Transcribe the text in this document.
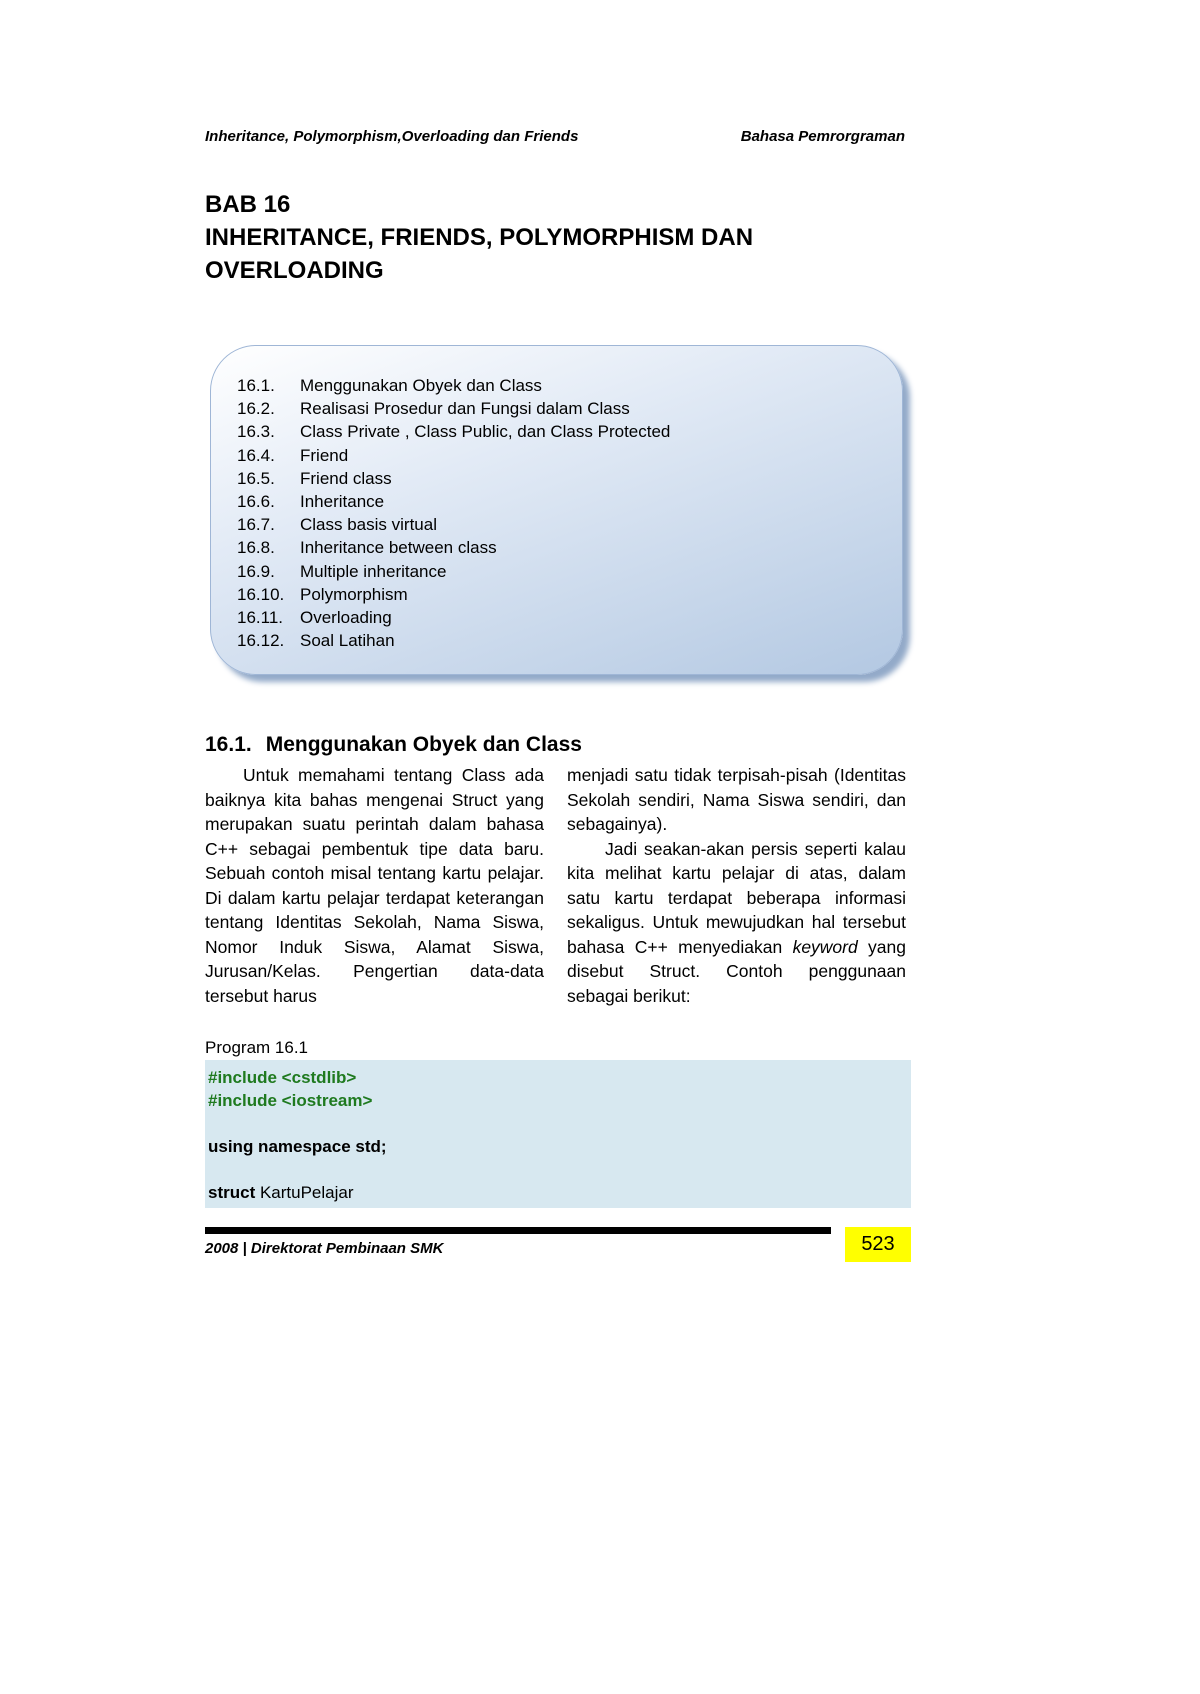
Inheritance, Polymorphism,Overloading dan Friends	Bahasa Pemrorgraman
BAB 16
INHERITANCE, FRIENDS, POLYMORPHISM DAN
OVERLOADING
16.1.	Menggunakan Obyek dan Class
16.2.	Realisasi Prosedur dan Fungsi dalam Class
16.3.	Class Private , Class Public, dan Class Protected
16.4.	Friend
16.5.	Friend class
16.6.	Inheritance
16.7.	Class basis virtual
16.8.	Inheritance between class
16.9.	Multiple inheritance
16.10. Polymorphism
16.11. Overloading
16.12. Soal Latihan
16.1. Menggunakan Obyek dan Class

Untuk memahami tentang Class ada baiknya kita bahas mengenai Struct yang merupakan suatu perintah dalam bahasa C++ sebagai pembentuk tipe data baru. Sebuah contoh misal tentang kartu pelajar. Di dalam kartu pelajar terdapat keterangan tentang Identitas Sekolah, Nama Siswa, Nomor Induk Siswa, Alamat Siswa, Jurusan/Kelas. Pengertian data-data tersebut harus

menjadi satu tidak terpisah-pisah (Identitas Sekolah sendiri, Nama Siswa sendiri, dan sebagainya).

Jadi seakan-akan persis seperti kalau kita melihat kartu pelajar di atas, dalam satu kartu terdapat beberapa informasi sekaligus. Untuk mewujudkan hal tersebut bahasa C++ menyediakan keyword yang disebut Struct. Contoh penggunaan sebagai berikut:

Program 16.1
#include <cstdlib>
#include <iostream>
using namespace std;
struct KartuPelajar
2008 | Direktorat Pembinaan SMK	523
